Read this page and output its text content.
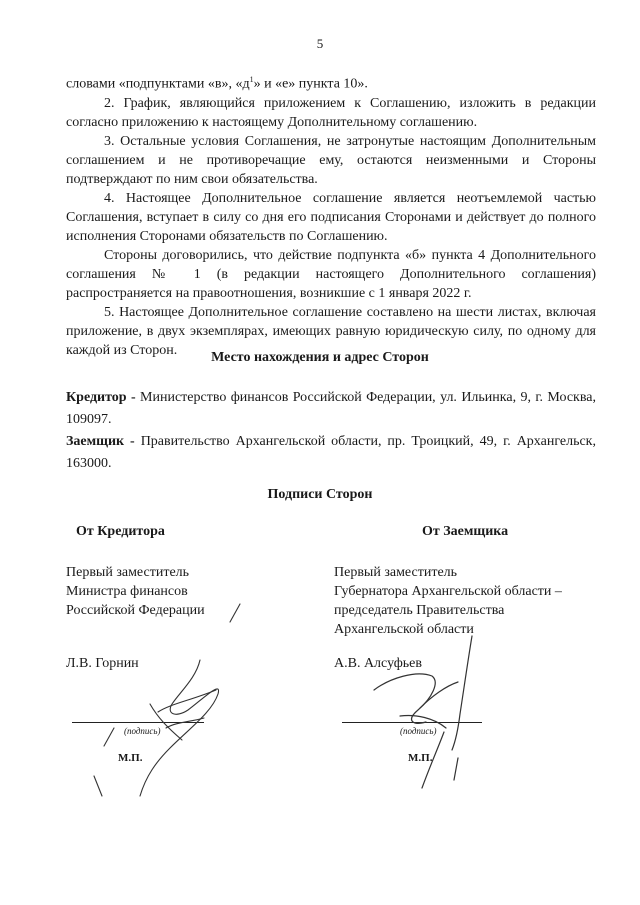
5

словами «подпунктами «в», «$д^1$» и «е» пункта 10».

2. График, являющийся приложением к Соглашению, изложить в редакции согласно приложению к настоящему Дополнительному соглашению.

3. Остальные условия Соглашения, не затронутые настоящим Дополнительным соглашением и не противоречащие ему, остаются неизменными и Стороны подтверждают по ним свои обязательства.

4. Настоящее Дополнительное соглашение является неотъемлемой частью Соглашения, вступает в силу со дня его подписания Сторонами и действует до полного исполнения Сторонами обязательств по Соглашению.

Стороны договорились, что действие подпункта «б» пункта 4 Дополнительного соглашения № 1 (в редакции настоящего Дополнительного соглашения) распространяется на правоотношения, возникшие с 1 января 2022 г.

5. Настоящее Дополнительное соглашение составлено на шести листах, включая приложение, в двух экземплярах, имеющих равную юридическую силу, по одному для каждой из Сторон.	Место нахождения и адрес Сторон

Кредитор - Министерство финансов Российской Федерации, ул. Ильинка, 9, г. Москва, 109097.

Заемщик - Правительство Архангельской области, пр. Троицкий, 49, г. Архангельск, 163000.

Подписи Сторон
От Кредитора
Первый заместитель
Министра финансов
Российской Федерации
Л.В. Горнин
(подпись)
М.П.
От Заемщика
Первый заместитель
Губернатора Архангельской области –
председатель Правительства
Архангельской области
А.В. Алсуфьев
(подпись)
М.П.
